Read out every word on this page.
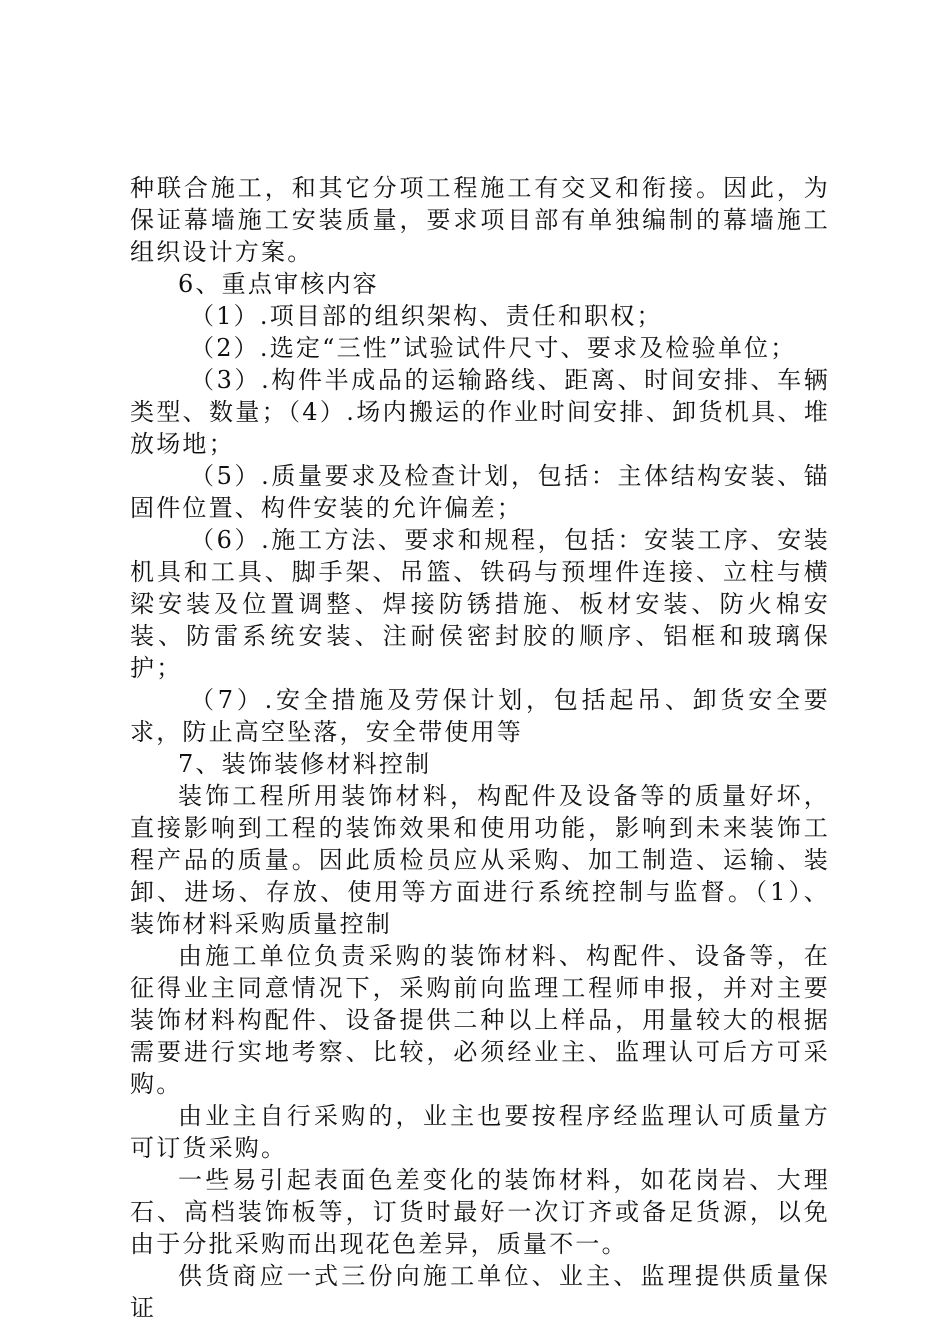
种联合施工，和其它分项工程施工有交叉和衔接。因此，为保证幕墙施工安装质量，要求项目部有单独编制的幕墙施工组织设计方案。

6、重点审核内容

（1）.项目部的组织架构、责任和职权；

（2）.选定“三性”试验试件尺寸、要求及检验单位；

（3）.构件半成品的运输路线、距离、时间安排、车辆类型、数量；（4）.场内搬运的作业时间安排、卸货机具、堆放场地；

（5）.质量要求及检查计划，包括：主体结构安装、锚固件位置、构件安装的允许偏差；

（6）.施工方法、要求和规程，包括：安装工序、安装机具和工具、脚手架、吊篮、铁码与预埋件连接、立柱与横梁安装及位置调整、焊接防锈措施、板材安装、防火棉安装、防雷系统安装、注耐侯密封胶的顺序、铝框和玻璃保护；

（7）.安全措施及劳保计划，包括起吊、卸货安全要求，防止高空坠落，安全带使用等

7、装饰装修材料控制

装饰工程所用装饰材料，构配件及设备等的质量好坏，直接影响到工程的装饰效果和使用功能，影响到未来装饰工程产品的质量。因此质检员应从采购、加工制造、运输、装卸、进场、存放、使用等方面进行系统控制与监督。（1）、装饰材料采购质量控制

由施工单位负责采购的装饰材料、构配件、设备等，在征得业主同意情况下，采购前向监理工程师申报，并对主要装饰材料构配件、设备提供二种以上样品，用量较大的根据需要进行实地考察、比较，必须经业主、监理认可后方可采购。

由业主自行采购的，业主也要按程序经监理认可质量方可订货采购。

一些易引起表面色差变化的装饰材料，如花岗岩、大理石、高档装饰板等，订货时最好一次订齐或备足货源，以免由于分批采购而出现花色差异，质量不一。

供货商应一式三份向施工单位、业主、监理提供质量保证
